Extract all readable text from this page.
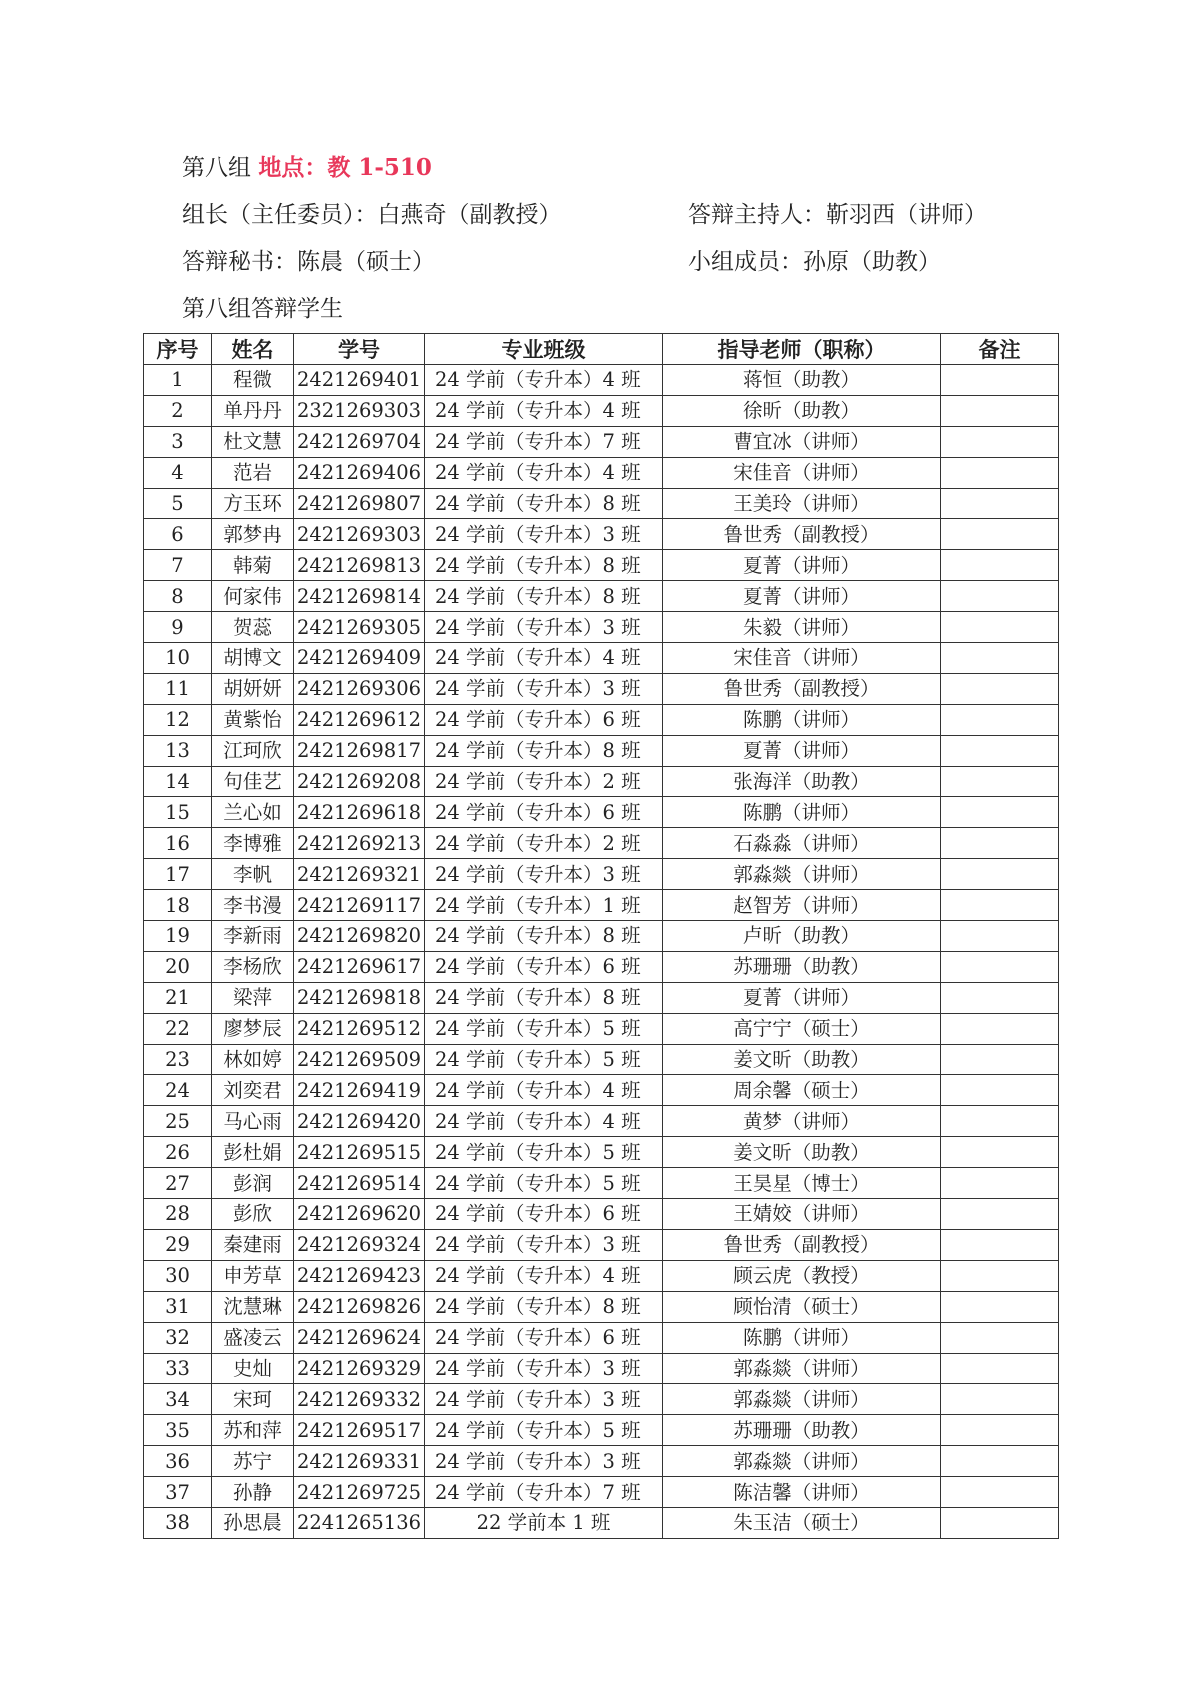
第八组 地点：教 1-510
组长（主任委员）：白燕奇（副教授）	答辩主持人：靳羽西（讲师）
答辩秘书：陈晨（硕士）	小组成员：孙原（助教）
第八组答辩学生
序号	姓名	学号	专业班级	指导老师（职称）	备注
1	程微	2421269401	24 学前（专升本）4 班	蒋恒（助教）	
2	单丹丹	2321269303	24 学前（专升本）4 班	徐昕（助教）	
3	杜文慧	2421269704	24 学前（专升本）7 班	曹宜冰（讲师）	
4	范岩	2421269406	24 学前（专升本）4 班	宋佳音（讲师）	
5	方玉环	2421269807	24 学前（专升本）8 班	王美玲（讲师）	
6	郭梦冉	2421269303	24 学前（专升本）3 班	鲁世秀（副教授）	
7	韩菊	2421269813	24 学前（专升本）8 班	夏菁（讲师）	
8	何家伟	2421269814	24 学前（专升本）8 班	夏菁（讲师）	
9	贺蕊	2421269305	24 学前（专升本）3 班	朱毅（讲师）	
10	胡博文	2421269409	24 学前（专升本）4 班	宋佳音（讲师）	
11	胡妍妍	2421269306	24 学前（专升本）3 班	鲁世秀（副教授）	
12	黄紫怡	2421269612	24 学前（专升本）6 班	陈鹏（讲师）	
13	江珂欣	2421269817	24 学前（专升本）8 班	夏菁（讲师）	
14	句佳艺	2421269208	24 学前（专升本）2 班	张海洋（助教）	
15	兰心如	2421269618	24 学前（专升本）6 班	陈鹏（讲师）	
16	李博雅	2421269213	24 学前（专升本）2 班	石淼淼（讲师）	
17	李帆	2421269321	24 学前（专升本）3 班	郭淼燚（讲师）	
18	李书漫	2421269117	24 学前（专升本）1 班	赵智芳（讲师）	
19	李新雨	2421269820	24 学前（专升本）8 班	卢昕（助教）	
20	李杨欣	2421269617	24 学前（专升本）6 班	苏珊珊（助教）	
21	梁萍	2421269818	24 学前（专升本）8 班	夏菁（讲师）	
22	廖梦辰	2421269512	24 学前（专升本）5 班	高宁宁（硕士）	
23	林如婷	2421269509	24 学前（专升本）5 班	姜文昕（助教）	
24	刘奕君	2421269419	24 学前（专升本）4 班	周余馨（硕士）	
25	马心雨	2421269420	24 学前（专升本）4 班	黄梦（讲师）	
26	彭杜娟	2421269515	24 学前（专升本）5 班	姜文昕（助教）	
27	彭润	2421269514	24 学前（专升本）5 班	王昊星（博士）	
28	彭欣	2421269620	24 学前（专升本）6 班	王婧姣（讲师）	
29	秦建雨	2421269324	24 学前（专升本）3 班	鲁世秀（副教授）	
30	申芳草	2421269423	24 学前（专升本）4 班	顾云虎（教授）	
31	沈慧琳	2421269826	24 学前（专升本）8 班	顾怡清（硕士）	
32	盛凌云	2421269624	24 学前（专升本）6 班	陈鹏（讲师）	
33	史灿	2421269329	24 学前（专升本）3 班	郭淼燚（讲师）	
34	宋珂	2421269332	24 学前（专升本）3 班	郭淼燚（讲师）	
35	苏和萍	2421269517	24 学前（专升本）5 班	苏珊珊（助教）	
36	苏宁	2421269331	24 学前（专升本）3 班	郭淼燚（讲师）	
37	孙静	2421269725	24 学前（专升本）7 班	陈洁馨（讲师）	
38	孙思晨	2241265136	22 学前本 1 班	朱玉洁（硕士）	
